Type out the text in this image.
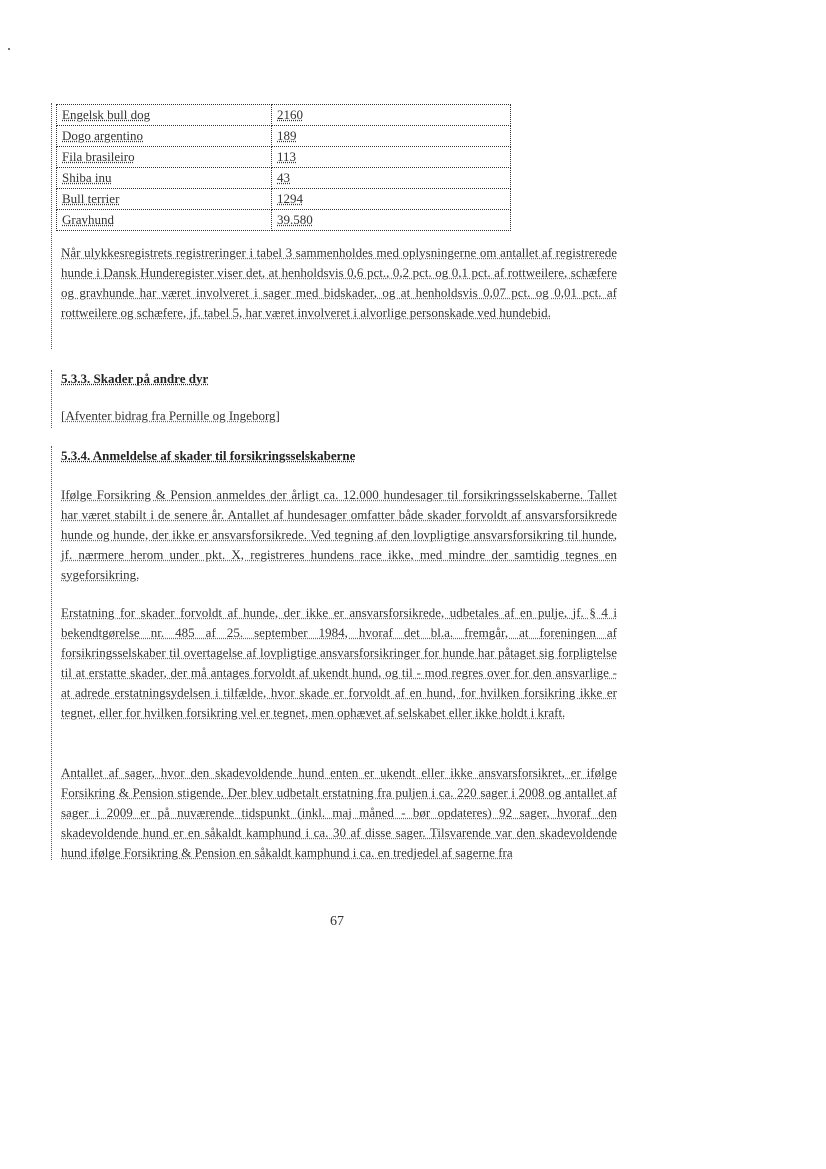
Engelsk bull dog	2160
Dogo argentino	189
Fila brasileiro	113
Shiba inu	43
Bull terrier	1294
Gravhund	39.580

Når ulykkesregistrets registreringer i tabel 3 sammenholdes med oplysningerne om antallet af registrerede hunde i Dansk Hunderegister viser det, at henholdsvis 0,6 pct., 0,2 pct. og 0,1 pct. af rottweilere, schæfere og gravhunde har været involveret i sager med bidskader, og at henholdsvis 0,07 pct. og 0,01 pct. af rottweilere og schæfere, jf. tabel 5, har været involveret i alvorlige personskade ved hundebid.

5.3.3. Skader på andre dyr

[Afventer bidrag fra Pernille og Ingeborg]

5.3.4. Anmeldelse af skader til forsikringsselskaberne

Ifølge Forsikring & Pension anmeldes der årligt ca. 12.000 hundesager til forsikringsselskaberne. Tallet har været stabilt i de senere år. Antallet af hundesager omfatter både skader forvoldt af ansvarsforsikrede hunde og hunde, der ikke er ansvarsforsikrede. Ved tegning af den lovpligtige ansvarsforsikring til hunde, jf. nærmere herom under pkt. X, registreres hundens race ikke, med mindre der samtidig tegnes en sygeforsikring.

Erstatning for skader forvoldt af hunde, der ikke er ansvarsforsikrede, udbetales af en pulje, jf. § 4 i bekendtgørelse nr. 485 af 25. september 1984, hvoraf det bl.a. fremgår, at foreningen af forsikringsselskaber til overtagelse af lovpligtige ansvarsforsikringer for hunde har påtaget sig forpligtelse til at erstatte skader, der må antages forvoldt af ukendt hund, og til - mod regres over for den ansvarlige - at adrede erstatningsydelsen i tilfælde, hvor skade er forvoldt af en hund, for hvilken forsikring ikke er tegnet, eller for hvilken forsikring vel er tegnet, men ophævet af selskabet eller ikke holdt i kraft.

Antallet af sager, hvor den skadevoldende hund enten er ukendt eller ikke ansvarsforsikret, er ifølge Forsikring & Pension stigende. Der blev udbetalt erstatning fra puljen i ca. 220 sager i 2008 og antallet af sager i 2009 er på nuværende tidspunkt (inkl. maj måned - bør opdateres) 92 sager, hvoraf den skadevoldende hund er en såkaldt kamphund i ca. 30 af disse sager. Tilsvarende var den skadevoldende hund ifølge Forsikring & Pension en såkaldt kamphund i ca. en tredjedel af sagerne fra

67
